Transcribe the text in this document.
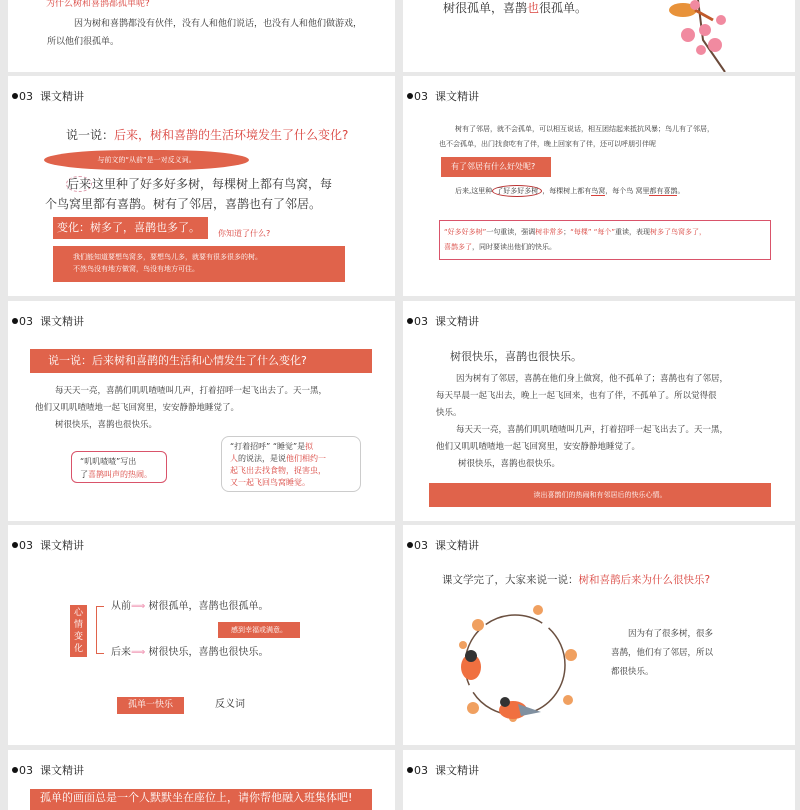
为什么树和喜鹊都孤单呢?
因为树和喜鹊都没有伙伴，没有人和他们说话，也没有人和他们做游戏，
所以他们很孤单。
树很孤单，喜鹊也很孤单。
03 课文精讲
说一说：后来，树和喜鹊的生活环境发生了什么变化?
与前文的“从前”是一对反义词。
后来这里种了好多好多树，每棵树上都有鸟窝，每
个鸟窝里都有喜鹊。树有了邻居，喜鹊也有了邻居。
变化：树多了，喜鹊也多了。	你知道了什么?
我们能知道要想鸟窝多，要想鸟儿多，就要有很多很多的树。
不然鸟没有地方做窝，鸟没有地方可住。
03 课文精讲
树有了邻居，就不会孤单，可以相互说话，相互团结起来抵抗风暴；鸟儿有了邻居，
也不会孤单，出门找食吃有了伴，晚上回家有了伴，还可以呼朋引伴呢
有了邻居有什么好处呢?
后来,这里种 了好多好多树 ，每棵树上都有鸟窝，每个鸟 窝里都有喜鹊。
“好多好多树”一句重读，强调树非常多；“每棵” “每个”重读，表现树多了鸟窝多了，
喜鹊多了，同时要读出他们的快乐。
03 课文精讲
说一说：后来树和喜鹊的生活和心情发生了什么变化?
每天天一亮，喜鹊们叽叽喳喳叫几声，打着招呼一起飞出去了。天一黑，
他们又叽叽喳喳地一起飞回窝里，安安静静地睡觉了。
树很快乐，喜鹊也很快乐。
“叽叽喳喳”写出
了喜鹊叫声的热闹。
“打着招呼” “睡觉”是拟
人的说法，是说他们相约一
起飞出去找食物，捉害虫，
又一起飞回鸟窝睡觉。
03 课文精讲
树很快乐，喜鹊也很快乐。
因为树有了邻居，喜鹊在他们身上做窝，他不孤单了；喜鹊也有了邻居，
每天早晨一起飞出去，晚上一起飞回来，也有了伴，不孤单了。所以觉得很
快乐。
每天天一亮，喜鹊们叽叽喳喳叫几声，打着招呼一起飞出去了。天一黑，
他们又叽叽喳喳地一起飞回窝里，安安静静地睡觉了。
树很快乐，喜鹊也很快乐。
读出喜鹊们的热闹和有邻居后的快乐心情。
03 课文精讲
心情变化
从前⟹ 树很孤单，喜鹊也很孤单。
感到幸福或满意。
后来⟹ 树很快乐，喜鹊也很快乐。
孤单一快乐	反义词
03 课文精讲
课文学完了，大家来说一说：树和喜鹊后来为什么很快乐?
因为有了很多树，很多
喜鹊，他们有了邻居，所以
都很快乐。
03 课文精讲
孤单的画面总是一个人默默坐在座位上，请你帮他融入班集体吧!
03 课文精讲
